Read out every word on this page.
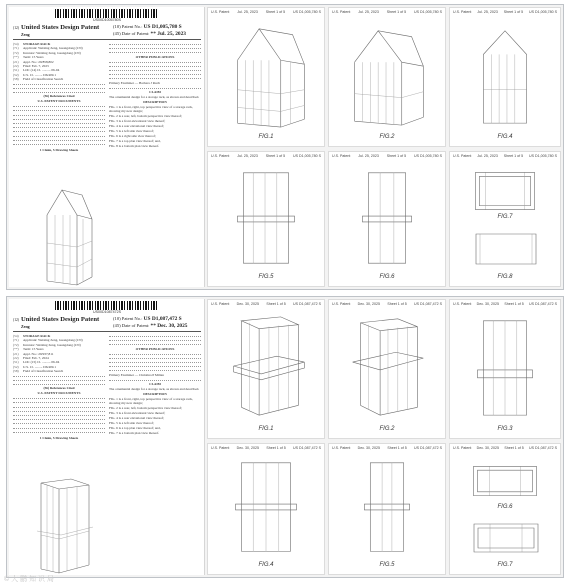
US00D1005780S
(12) United States Design Patent
Zeng
(10) Patent No.: US D1,005,780 S
(45) Date of Patent: ** Jul. 25, 2023
(54)	STORAGE RACK
(71)	Applicant: Weixing Zeng, Guangdong (CN)
(72)	Inventor: Weixing Zeng, Guangdong (CN)
(**)	Term: 15 Years
(21)	Appl. No.: 29/858,802
(22)	Filed: Feb. 7, 2023
(51)	LOC (14) Cl. .......... 06-04
(52)	U.S. Cl. ......... D6/409.1
(58)	Field of Classification Search

(56) References Cited

U.S. PATENT DOCUMENTS

1 Claim, 5 Drawing Sheets

OTHER PUBLICATIONS

Primary Examiner — Barbara J Ruch

CLAIM

The ornamental design for a storage rack, as shown and described.

DESCRIPTION

FIG. 1 is a front, right, top perspective view of a storage rack, showing my new design;

FIG. 2 is a rear, left, bottom perspective view thereof;

FIG. 3 is a front elevational view thereof;

FIG. 4 is a rear elevational view thereof;

FIG. 5 is a left side view thereof;

FIG. 6 is a right side view thereof;

FIG. 7 is a top plan view thereof; and,

FIG. 8 is a bottom plan view thereof.

U.S. Patent Jul. 25, 2023 Sheet 1 of 5 US D1,005,780 S
FIG.1
U.S. Patent Jul. 25, 2023 Sheet 1 of 5 US D1,005,780 S
FIG.2
U.S. Patent Jul. 25, 2023 Sheet 1 of 5 US D1,005,780 S
FIG.4
U.S. Patent Jul. 25, 2023 Sheet 1 of 5 US D1,005,780 S
FIG.5
U.S. Patent Jul. 25, 2023 Sheet 1 of 5 US D1,005,780 S
FIG.6
U.S. Patent Jul. 25, 2023 Sheet 1 of 5 US D1,005,780 S
FIG.7
FIG.8
US00D1087472S
(12) United States Design Patent
Zeng
(10) Patent No.: US D1,087,472 S
(45) Date of Patent: ** Dec. 30, 2025
(54)	STORAGE RACK
(71)	Applicant: Weixing Zeng, Guangdong (CN)
(72)	Inventor: Weixing Zeng, Guangdong (CN)
(**)	Term: 15 Years
(21)	Appl. No.: 29/937,811
(22)	Filed: Feb. 7, 2024
(51)	LOC (15) Cl. .......... 06-04
(52)	U.S. Cl. ......... D6/409.1
(58)	Field of Classification Search

(56) References Cited

U.S. PATENT DOCUMENTS

1 Claim, 5 Drawing Sheets

OTHER PUBLICATIONS

Primary Examiner — Christina P Milian

CLAIM

The ornamental design for a storage rack, as shown and described.

DESCRIPTION

FIG. 1 is a front, right, top perspective view of a storage rack, showing my new design;

FIG. 2 is a rear, left, bottom perspective view thereof;

FIG. 3 is a front elevational view thereof;

FIG. 4 is a rear elevational view thereof;

FIG. 5 is a left side view thereof;

FIG. 6 is a top plan view thereof; and,

FIG. 7 is a bottom plan view thereof.

U.S. Patent Dec. 30, 2025 Sheet 1 of 5 US D1,087,472 S
FIG.1
U.S. Patent Dec. 30, 2025 Sheet 1 of 5 US D1,087,472 S
FIG.2
U.S. Patent Dec. 30, 2025 Sheet 1 of 5 US D1,087,472 S
FIG.3
U.S. Patent Dec. 30, 2025 Sheet 1 of 5 US D1,087,472 S
FIG.4
U.S. Patent Dec. 30, 2025 Sheet 1 of 5 US D1,087,472 S
FIG.5
U.S. Patent Dec. 30, 2025 Sheet 1 of 5 US D1,087,472 S
FIG.6
FIG.7
© 大 鹏 知 识 局
